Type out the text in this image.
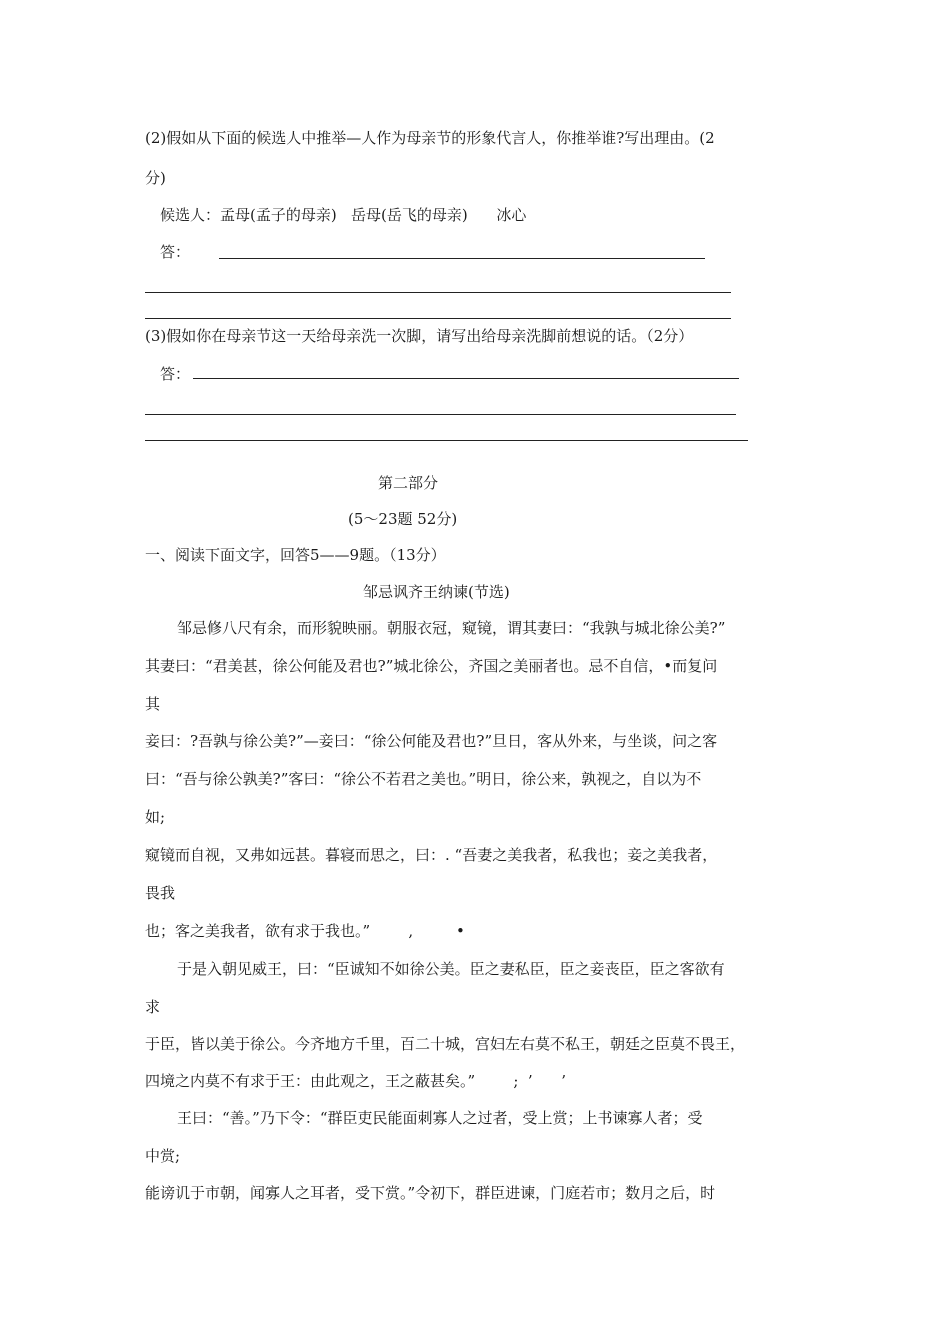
(2)假如从下面的候选人中推举—人作为母亲节的形象代言人，你推举谁?写出理由。(2
分)
候选人：孟母(孟子的母亲)   岳母(岳飞的母亲)      冰心
答：
(3)假如你在母亲节这一天给母亲洗一次脚，请写出给母亲洗脚前想说的话。（2分）
答：
第二部分
(5～23题 52分)
一、阅读下面文字，回答5——9题。（13分）
邹忌讽齐王纳谏(节选)
邹忌修八尺有余，而形貌映丽。朝服衣冠，窥镜，谓其妻曰：“我孰与城北徐公美?”
其妻曰：“君美甚，徐公何能及君也?”城北徐公，齐国之美丽者也。忌不自信，•而复问
其
妾曰：?吾孰与徐公美?”—妾曰：“徐公何能及君也?”旦日，客从外来，与坐谈，问之客
曰：“吾与徐公孰美?”客曰：“徐公不若君之美也。”明日，徐公来，孰视之，自以为不
如;
窥镜而自视，又弗如远甚。暮寝而思之，曰：. “吾妻之美我者，私我也；妾之美我者，
畏我
也；客之美我者，欲有求于我也。”        ,         •
于是入朝见威王，曰：“臣诚知不如徐公美。臣之妻私臣，臣之妾丧臣，臣之客欲有
求
于臣，皆以美于徐公。今齐地方千里，百二十城，宫妇左右莫不私王，朝廷之臣莫不畏王，
四境之内莫不有求于王：由此观之，王之蔽甚矣。”        ;  ’      ’
王曰：“善。”乃下令：“群臣吏民能面刺寡人之过者，受上赏；上书谏寡人者；受
中赏;
能谤讥于市朝，闻寡人之耳者，受下赏。”令初下，群臣进谏，门庭若市；数月之后，时
